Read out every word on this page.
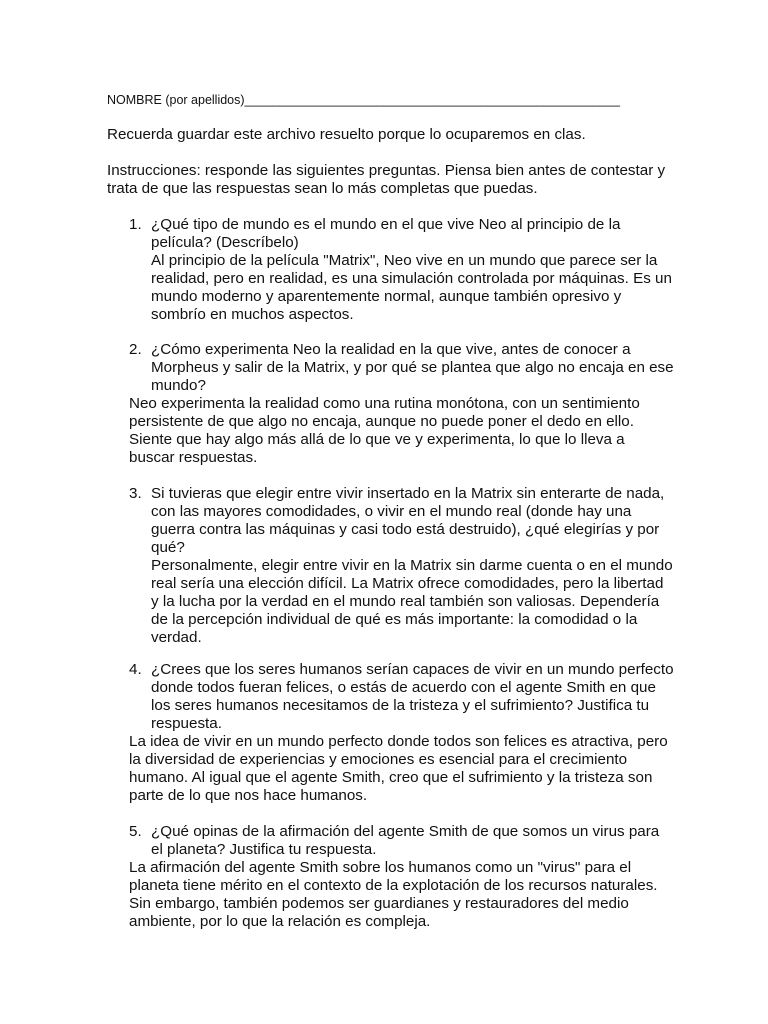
NOMBRE (por apellidos)______________________________________________________
Recuerda guardar este archivo resuelto porque lo ocuparemos en clas.
Instrucciones: responde las siguientes preguntas. Piensa bien antes de contestar y trata de que las respuestas sean lo más completas que puedas.
1. ¿Qué tipo de mundo es el mundo en el que vive Neo al principio de la película? (Descríbelo)
Al principio de la película "Matrix", Neo vive en un mundo que parece ser la realidad, pero en realidad, es una simulación controlada por máquinas. Es un mundo moderno y aparentemente normal, aunque también opresivo y sombrío en muchos aspectos.
2. ¿Cómo experimenta Neo la realidad en la que vive, antes de conocer a Morpheus y salir de la Matrix, y por qué se plantea que algo no encaja en ese mundo?
Neo experimenta la realidad como una rutina monótona, con un sentimiento persistente de que algo no encaja, aunque no puede poner el dedo en ello. Siente que hay algo más allá de lo que ve y experimenta, lo que lo lleva a buscar respuestas.
3. Si tuvieras que elegir entre vivir insertado en la Matrix sin enterarte de nada, con las mayores comodidades, o vivir en el mundo real (donde hay una guerra contra las máquinas y casi todo está destruido), ¿qué elegirías y por qué?
Personalmente, elegir entre vivir en la Matrix sin darme cuenta o en el mundo real sería una elección difícil. La Matrix ofrece comodidades, pero la libertad y la lucha por la verdad en el mundo real también son valiosas. Dependería de la percepción individual de qué es más importante: la comodidad o la verdad.
4. ¿Crees que los seres humanos serían capaces de vivir en un mundo perfecto donde todos fueran felices, o estás de acuerdo con el agente Smith en que los seres humanos necesitamos de la tristeza y el sufrimiento? Justifica tu respuesta.
La idea de vivir en un mundo perfecto donde todos son felices es atractiva, pero la diversidad de experiencias y emociones es esencial para el crecimiento humano. Al igual que el agente Smith, creo que el sufrimiento y la tristeza son parte de lo que nos hace humanos.
5. ¿Qué opinas de la afirmación del agente Smith de que somos un virus para el planeta? Justifica tu respuesta.
La afirmación del agente Smith sobre los humanos como un "virus" para el planeta tiene mérito en el contexto de la explotación de los recursos naturales. Sin embargo, también podemos ser guardianes y restauradores del medio ambiente, por lo que la relación es compleja.
